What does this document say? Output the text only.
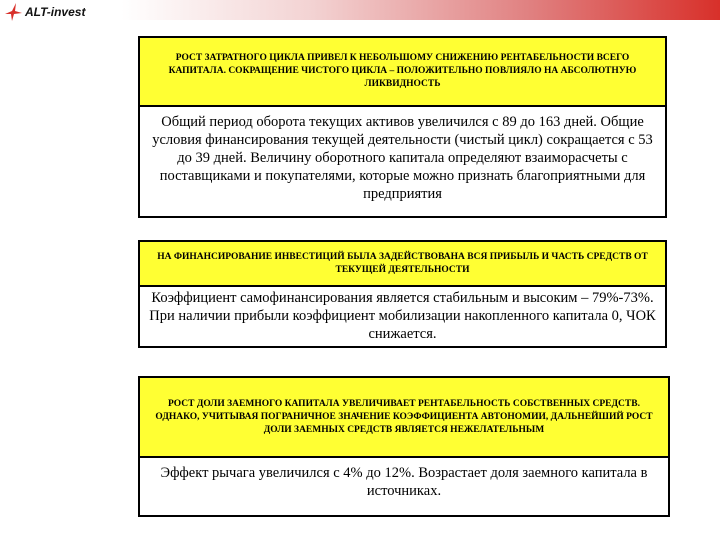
ALT-invest
РОСТ ЗАТРАТНОГО ЦИКЛА ПРИВЕЛ К НЕБОЛЬШОМУ СНИЖЕНИЮ РЕНТАБЕЛЬНОСТИ ВСЕГО КАПИТАЛА. СОКРАЩЕНИЕ ЧИСТОГО ЦИКЛА – ПОЛОЖИТЕЛЬНО ПОВЛИЯЛО НА АБСОЛЮТНУЮ ЛИКВИДНОСТЬ
Общий период оборота текущих активов увеличился с 89 до 163 дней. Общие условия финансирования текущей деятельности (чистый цикл) сокращается с 53 до 39 дней. Величину оборотного капитала определяют взаиморасчеты с поставщиками и покупателями, которые можно признать благоприятными для предприятия
НА ФИНАНСИРОВАНИЕ ИНВЕСТИЦИЙ БЫЛА ЗАДЕЙСТВОВАНА ВСЯ ПРИБЫЛЬ И ЧАСТЬ СРЕДСТВ ОТ ТЕКУЩЕЙ ДЕЯТЕЛЬНОСТИ
Коэффициент самофинансирования является стабильным и высоким – 79%-73%. При наличии прибыли коэффициент мобилизации накопленного капитала 0, ЧОК снижается.
РОСТ ДОЛИ ЗАЕМНОГО КАПИТАЛА УВЕЛИЧИВАЕТ РЕНТАБЕЛЬНОСТЬ СОБСТВЕННЫХ СРЕДСТВ. ОДНАКО, УЧИТЫВАЯ ПОГРАНИЧНОЕ ЗНАЧЕНИЕ КОЭФФИЦИЕНТА АВТОНОМИИ, ДАЛЬНЕЙШИЙ РОСТ ДОЛИ ЗАЕМНЫХ СРЕДСТВ ЯВЛЯЕТСЯ НЕЖЕЛАТЕЛЬНЫМ
Эффект рычага увеличился с 4% до 12%. Возрастает доля заемного капитала в источниках.
